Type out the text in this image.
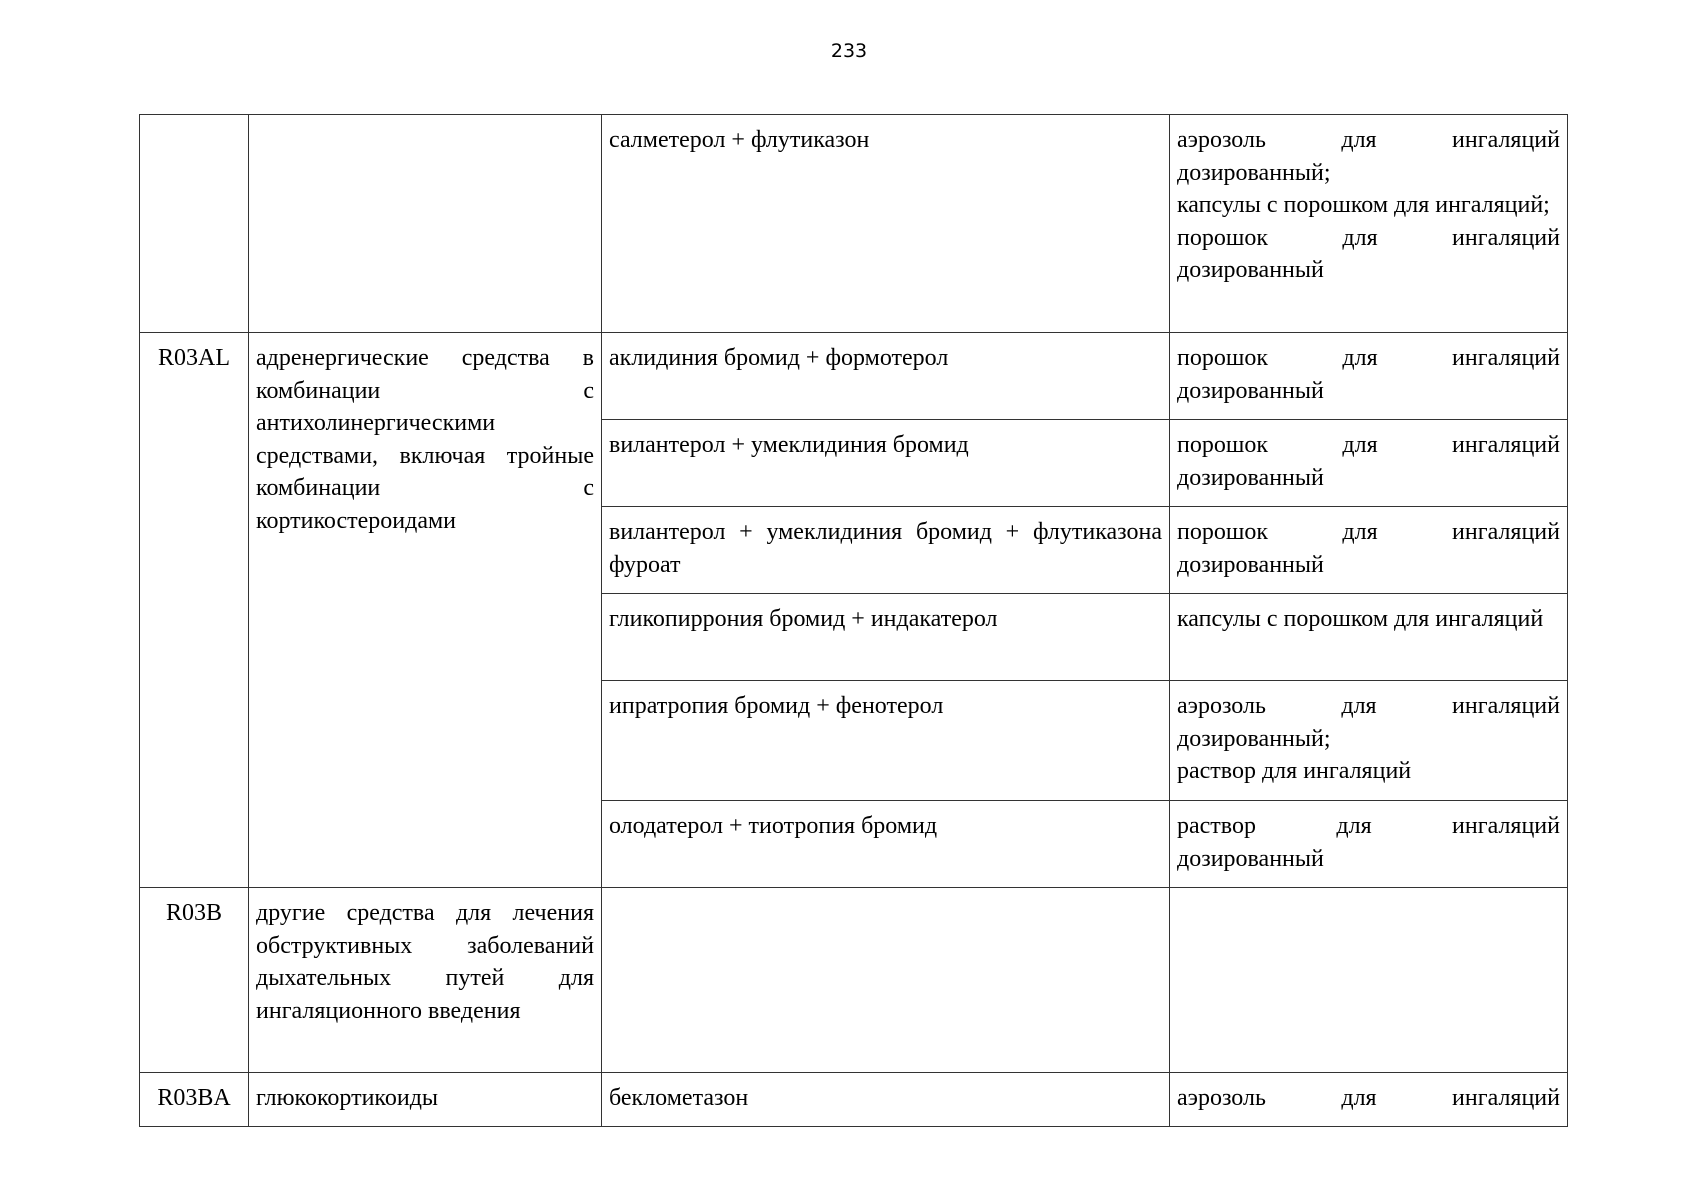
233
		салметерол + флутиказон	аэрозоль для ингаляций дозированный;
капсулы с порошком для ингаляций;
порошок для ингаляций дозированный

R03AL	адренергические средства в комбинации с антихолинергическими средствами, включая тройные комбинации с кортикостероидами	аклидиния бромид + формотерол	порошок для ингаляций дозированный

		вилантерол + умеклидиния бромид	порошок для ингаляций дозированный

		вилантерол + умеклидиния бромид + флутиказона фуроат	порошок для ингаляций дозированный

		гликопиррония бромид + индакатерол	капсулы с порошком для ингаляций

		ипратропия бромид + фенотерол	аэрозоль для ингаляций дозированный;
раствор для ингаляций

		олодатерол + тиотропия бромид	раствор для ингаляций дозированный

R03B	другие средства для лечения обструктивных заболеваний дыхательных путей для ингаляционного введения		

R03BA	глюкокортикоиды	беклометазон	аэрозоль для ингаляций
